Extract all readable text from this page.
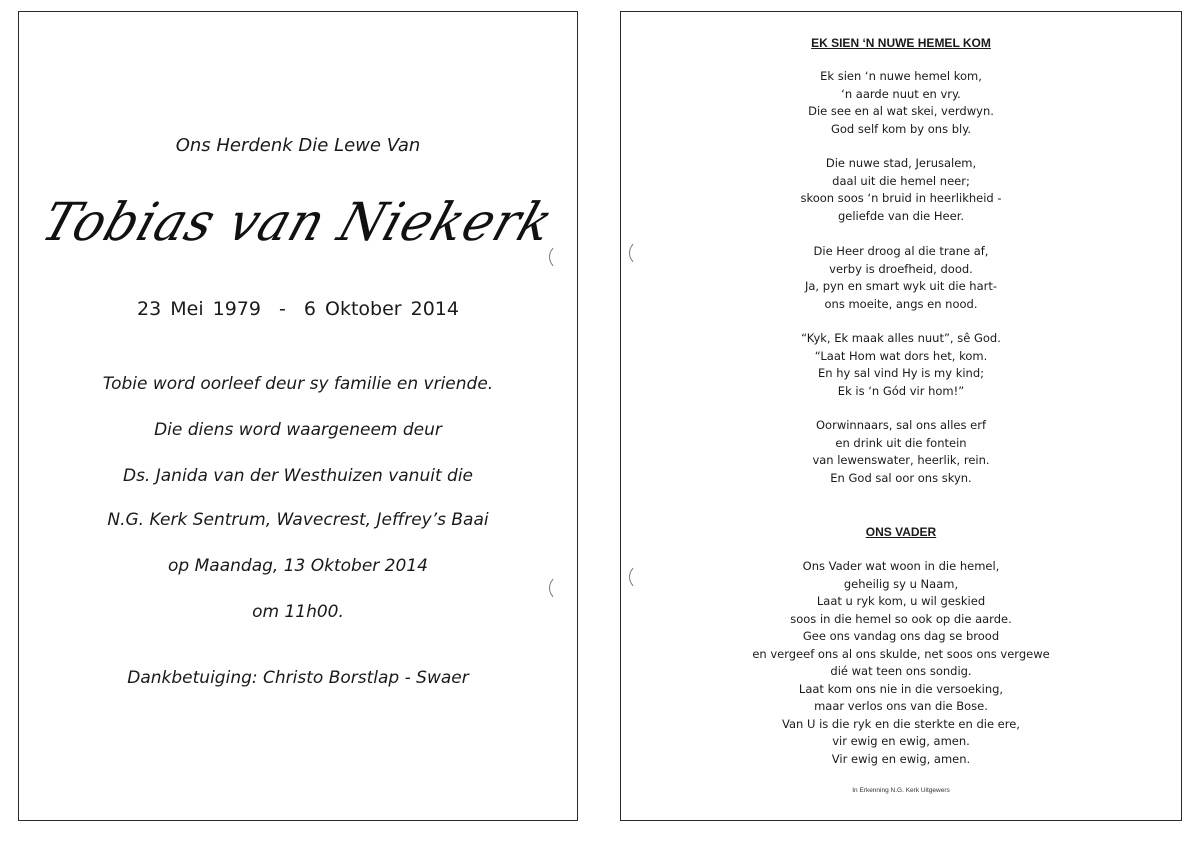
Ons Herdenk Die Lewe Van
Tobias van Niekerk
23 Mei 1979 - 6 Oktober 2014
Tobie word oorleef deur sy familie en vriende.
Die diens word waargeneem deur
Ds. Janida van der Westhuizen vanuit die
N.G. Kerk Sentrum, Wavecrest, Jeffrey’s Baai
op Maandag, 13 Oktober 2014
om 11h00.
Dankbetuiging: Christo Borstlap - Swaer
EK SIEN ‘N NUWE HEMEL KOM
Ek sien ‘n nuwe hemel kom,
‘n aarde nuut en vry.
Die see en al wat skei, verdwyn.
God self kom by ons bly.
Die nuwe stad, Jerusalem,
daal uit die hemel neer;
skoon soos ‘n bruid in heerlikheid -
geliefde van die Heer.
Die Heer droog al die trane af,
verby is droefheid, dood.
Ja, pyn en smart wyk uit die hart-
ons moeite, angs en nood.
“Kyk, Ek maak alles nuut”, sê God.
“Laat Hom wat dors het, kom.
En hy sal vind Hy is my kind;
Ek is ‘n Gód vir hom!”
Oorwinnaars, sal ons alles erf
en drink uit die fontein
van lewenswater, heerlik, rein.
En God sal oor ons skyn.
ONS VADER
Ons Vader wat woon in die hemel,
geheilig sy u Naam,
Laat u ryk kom, u wil geskied
soos in die hemel so ook op die aarde.
Gee ons vandag ons dag se brood
en vergeef ons al ons skulde, net soos ons vergewe
dié wat teen ons sondig.
Laat kom ons nie in die versoeking,
maar verlos ons van die Bose.
Van U is die ryk en die sterkte en die ere,
vir ewig en ewig, amen.
Vir ewig en ewig, amen.
In Erkenning N.G. Kerk Uitgewers
